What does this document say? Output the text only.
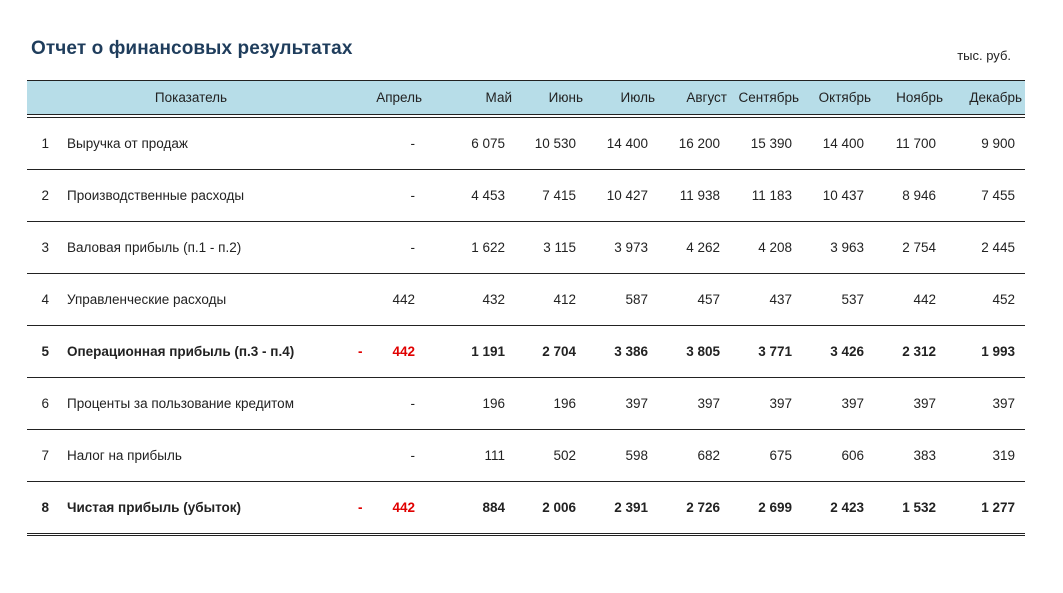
Отчет о финансовых результатах	тыс. руб.
Показатель		Апрель	Май	Июнь	Июль	Август	Сентябрь	Октябрь	Ноябрь	Декабрь

1	Выручка от продаж	-	6 075	10 530	14 400	16 200	15 390	14 400	11 700	9 900
2	Производственные расходы	-	4 453	7 415	10 427	11 938	11 183	10 437	8 946	7 455
3	Валовая прибыль (п.1 - п.2)	-	1 622	3 115	3 973	4 262	4 208	3 963	2 754	2 445
4	Управленческие расходы	442	432	412	587	457	437	537	442	452
5	Операционная прибыль (п.3 - п.4)	- 442	1 191	2 704	3 386	3 805	3 771	3 426	2 312	1 993
6	Проценты за пользование кредитом	-	196	196	397	397	397	397	397	397
7	Налог на прибыль	-	111	502	598	682	675	606	383	319
8	Чистая прибыль (убыток)	- 442	884	2 006	2 391	2 726	2 699	2 423	1 532	1 277
